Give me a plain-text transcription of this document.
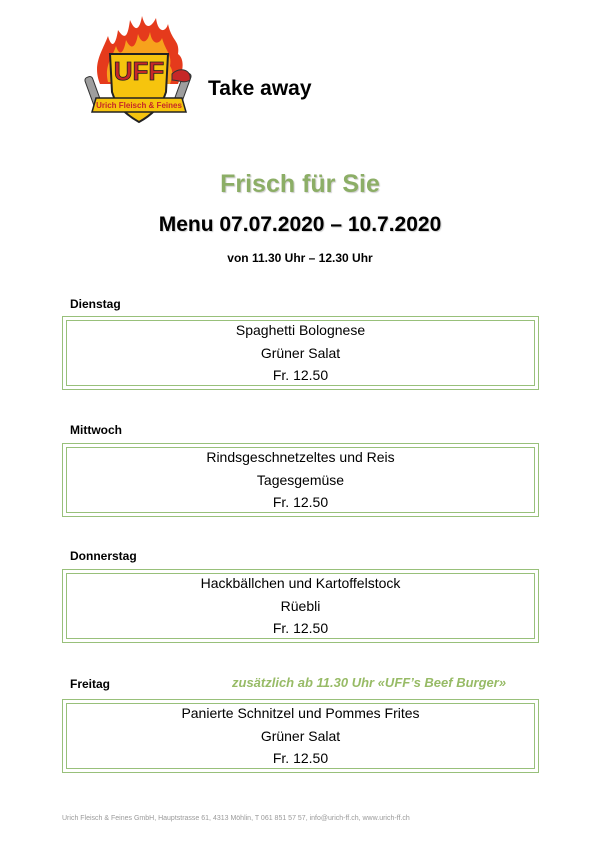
UFF
Urich Fleisch & Feines
Take away
Frisch für Sie
Menu 07.07.2020 – 10.7.2020
von 11.30 Uhr – 12.30 Uhr
Dienstag
Spaghetti Bolognese
Grüner Salat
Fr. 12.50
Mittwoch
Rindsgeschnetzeltes und Reis
Tagesgemüse
Fr. 12.50
Donnerstag
Hackbällchen und Kartoffelstock
Rüebli
Fr. 12.50
Freitag	zusätzlich ab 11.30 Uhr «UFF’s Beef Burger»
Panierte Schnitzel und Pommes Frites
Grüner Salat
Fr. 12.50
Urich Fleisch & Feines GmbH, Hauptstrasse 61, 4313 Möhlin, T 061 851 57 57, info@urich-ff.ch, www.urich-ff.ch
